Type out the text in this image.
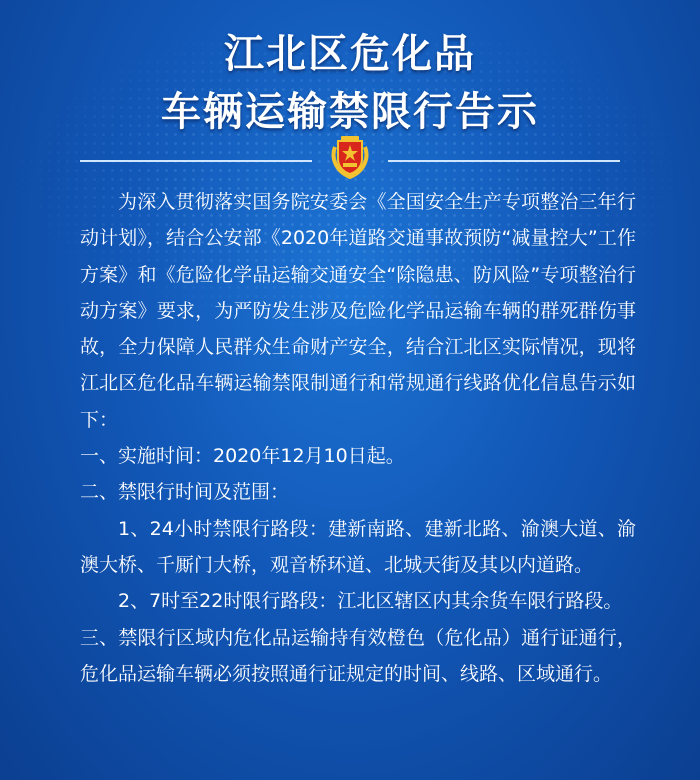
江北区危化品
车辆运输禁限行告示

为深入贯彻落实国务院安委会《全国安全生产专项整治三年行动计划》，结合公安部《2020年道路交通事故预防“减量控大”工作方案》和《危险化学品运输交通安全“除隐患、防风险”专项整治行动方案》要求，为严防发生涉及危险化学品运输车辆的群死群伤事故，全力保障人民群众生命财产安全，结合江北区实际情况，现将江北区危化品车辆运输禁限制通行和常规通行线路优化信息告示如下：

一、实施时间：2020年12月10日起。

二、禁限行时间及范围：

1、24小时禁限行路段：建新南路、建新北路、渝澳大道、渝澳大桥、千厮门大桥，观音桥环道、北城天街及其以内道路。

2、7时至22时限行路段：江北区辖区内其余货车限行路段。

三、禁限行区域内危化品运输持有效橙色（危化品）通行证通行，危化品运输车辆必须按照通行证规定的时间、线路、区域通行。
